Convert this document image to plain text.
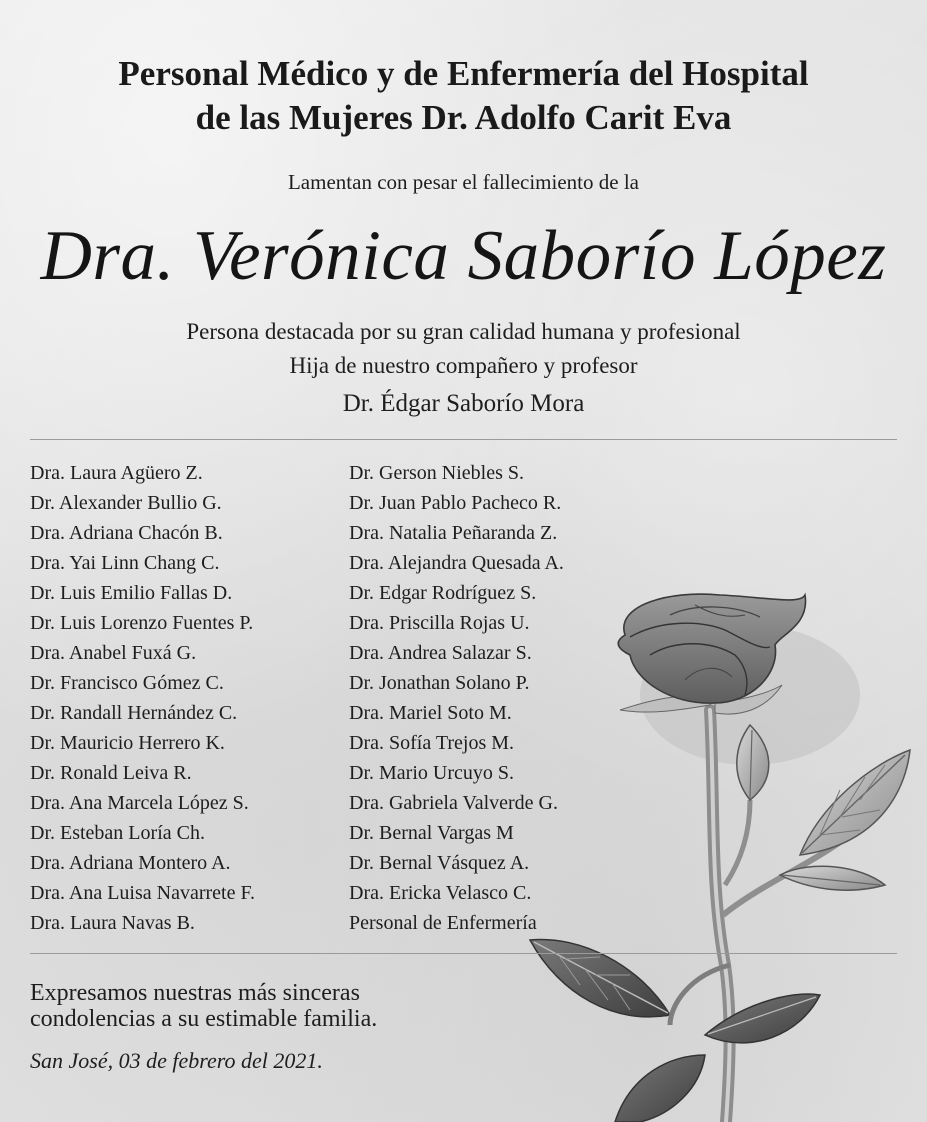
Personal Médico y de Enfermería del Hospital
de las Mujeres Dr. Adolfo Carit Eva
Lamentan con pesar el fallecimiento de la
Dra. Verónica Saborío López
Persona destacada por su gran calidad humana y profesional
Hija de nuestro compañero y profesor
Dr. Édgar Saborío Mora
Dra. Laura Agüero Z.
Dr. Alexander Bullio G.
Dra. Adriana Chacón B.
Dra. Yai Linn Chang C.
Dr. Luis Emilio Fallas D.
Dr. Luis Lorenzo Fuentes P.
Dra. Anabel Fuxá G.
Dr. Francisco Gómez C.
Dr. Randall Hernández C.
Dr. Mauricio Herrero K.
Dr. Ronald Leiva R.
Dra. Ana Marcela López S.
Dr. Esteban Loría Ch.
Dra. Adriana Montero A.
Dra. Ana Luisa Navarrete F.
Dra. Laura Navas B.
Dr. Gerson Niebles S.
Dr. Juan Pablo Pacheco R.
Dra. Natalia Peñaranda Z.
Dra. Alejandra Quesada A.
Dr. Edgar Rodríguez S.
Dra. Priscilla Rojas U.
Dra. Andrea Salazar S.
Dr. Jonathan Solano P.
Dra. Mariel Soto M.
Dra. Sofía Trejos M.
Dr. Mario Urcuyo S.
Dra. Gabriela Valverde G.
Dr. Bernal Vargas M
Dr. Bernal Vásquez A.
Dra. Ericka Velasco C.
Personal de Enfermería
Expresamos nuestras más sinceras
condolencias a su estimable familia.
San José, 03 de febrero del 2021.
